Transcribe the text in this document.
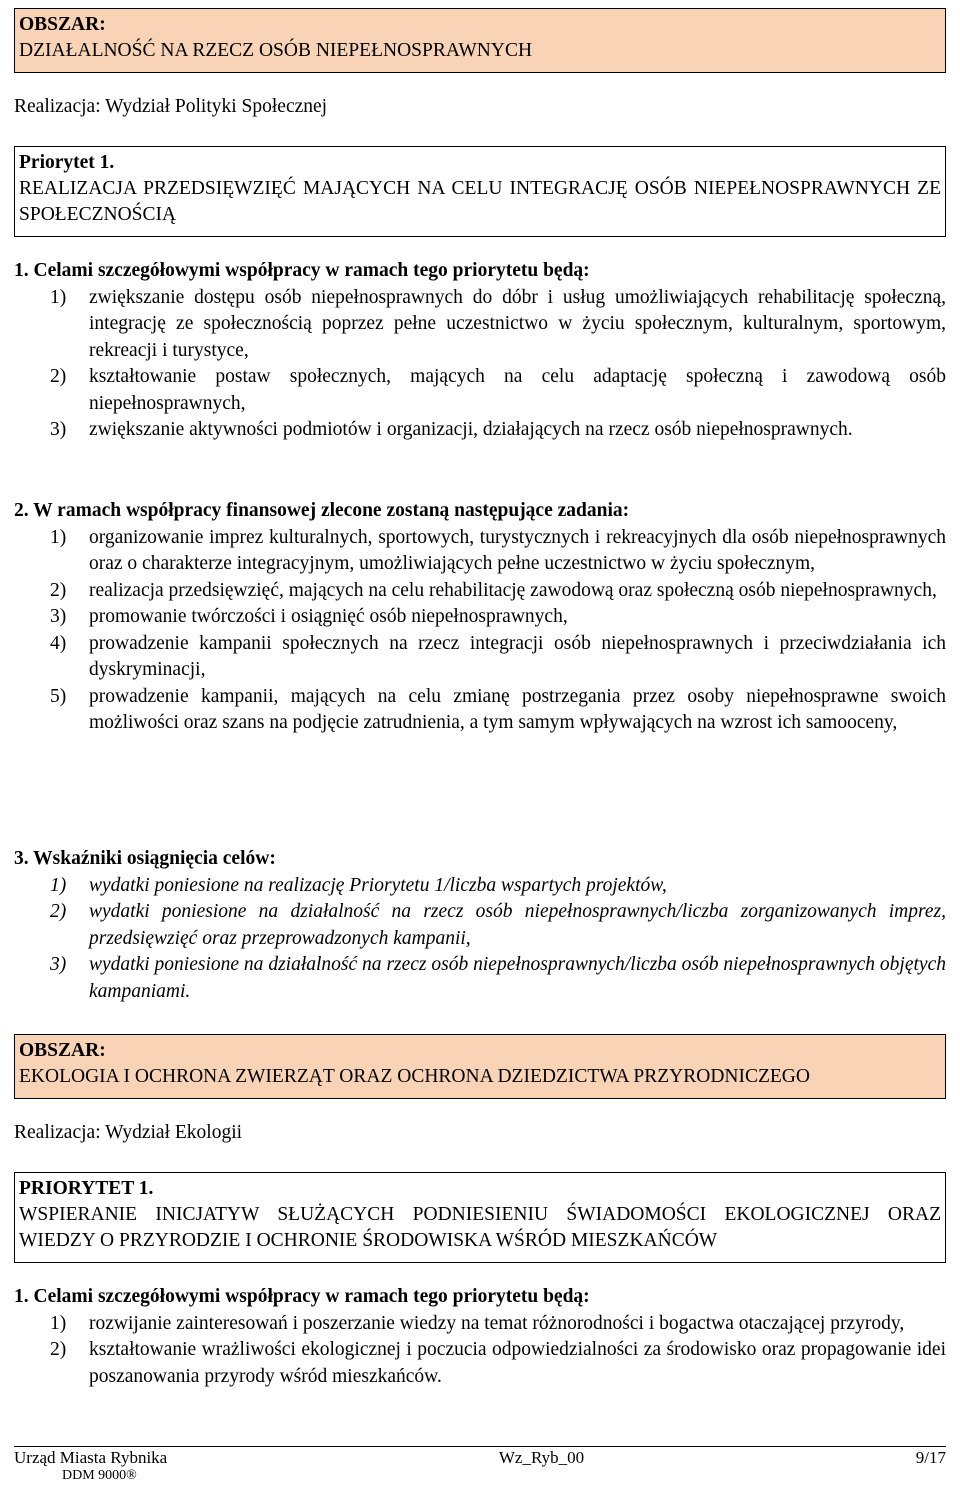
OBSZAR:
DZIAŁALNOŚĆ NA RZECZ OSÓB NIEPEŁNOSPRAWNYCH
Realizacja: Wydział Polityki Społecznej
Priorytet 1.
REALIZACJA PRZEDSIĘWZIĘĆ MAJĄCYCH NA CELU INTEGRACJĘ OSÓB NIEPEŁNOSPRAWNYCH ZE SPOŁECZNOŚCIĄ
1. Celami szczegółowymi współpracy w ramach tego priorytetu będą:
1) zwiększanie dostępu osób niepełnosprawnych do dóbr i usług umożliwiających rehabilitację społeczną, integrację ze społecznością poprzez pełne uczestnictwo w życiu społecznym, kulturalnym, sportowym, rekreacji i turystyce,
2) kształtowanie postaw społecznych, mających na celu adaptację społeczną i zawodową osób niepełnosprawnych,
3) zwiększanie aktywności podmiotów i organizacji, działających na rzecz osób niepełnosprawnych.
2. W ramach współpracy finansowej zlecone zostaną następujące zadania:
1) organizowanie imprez kulturalnych, sportowych, turystycznych i rekreacyjnych dla osób niepełnosprawnych oraz o charakterze integracyjnym, umożliwiających pełne uczestnictwo w życiu społecznym,
2) realizacja przedsięwzięć, mających na celu rehabilitację zawodową oraz społeczną osób niepełnosprawnych,
3) promowanie twórczości i osiągnięć osób niepełnosprawnych,
4) prowadzenie kampanii społecznych na rzecz integracji osób niepełnosprawnych i przeciwdziałania ich dyskryminacji,
5) prowadzenie kampanii, mających na celu zmianę postrzegania przez osoby niepełnosprawne swoich możliwości oraz szans na podjęcie zatrudnienia, a tym samym wpływających na wzrost ich samooceny,
3. Wskaźniki osiągnięcia celów:
1) wydatki poniesione na realizację Priorytetu 1/liczba wspartych projektów,
2) wydatki poniesione na działalność na rzecz osób niepełnosprawnych/liczba zorganizowanych imprez, przedsięwzięć oraz przeprowadzonych kampanii,
3) wydatki poniesione na działalność na rzecz osób niepełnosprawnych/liczba osób niepełnosprawnych objętych kampaniami.
OBSZAR:
EKOLOGIA I OCHRONA ZWIERZĄT ORAZ OCHRONA DZIEDZICTWA PRZYRODNICZEGO
Realizacja: Wydział Ekologii
PRIORYTET 1.
WSPIERANIE INICJATYW SŁUŻĄCYCH PODNIESIENIU ŚWIADOMOŚCI EKOLOGICZNEJ ORAZ WIEDZY O PRZYRODZIE I OCHRONIE ŚRODOWISKA WŚRÓD MIESZKAŃCÓW
1. Celami szczegółowymi współpracy w ramach tego priorytetu będą:
1) rozwijanie zainteresowań i poszerzanie wiedzy na temat różnorodności i bogactwa otaczającej przyrody,
2) kształtowanie wrażliwości ekologicznej i poczucia odpowiedzialności za środowisko oraz propagowanie idei poszanowania przyrody wśród mieszkańców.
Urząd Miasta Rybnika	Wz_Ryb_00	9/17
DDM 9000®
